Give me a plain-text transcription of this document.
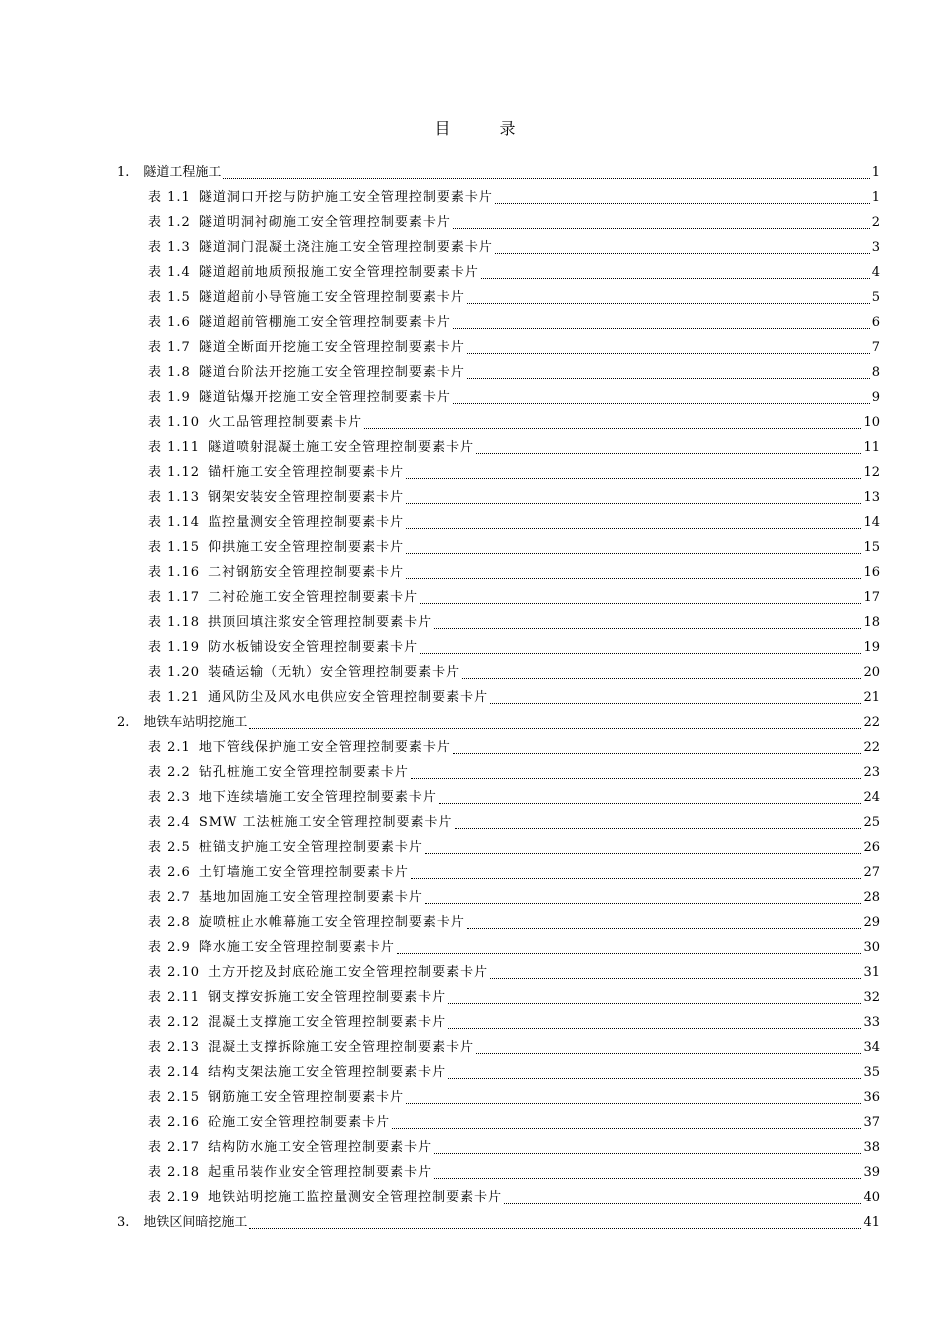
目 录
1. 隧道工程施工	1
表 1.1 隧道洞口开挖与防护施工安全管理控制要素卡片	1
表 1.2 隧道明洞衬砌施工安全管理控制要素卡片	2
表 1.3 隧道洞门混凝土浇注施工安全管理控制要素卡片	3
表 1.4 隧道超前地质预报施工安全管理控制要素卡片	4
表 1.5 隧道超前小导管施工安全管理控制要素卡片	5
表 1.6 隧道超前管棚施工安全管理控制要素卡片	6
表 1.7 隧道全断面开挖施工安全管理控制要素卡片	7
表 1.8 隧道台阶法开挖施工安全管理控制要素卡片	8
表 1.9 隧道钻爆开挖施工安全管理控制要素卡片	9
表 1.10 火工品管理控制要素卡片	10
表 1.11 隧道喷射混凝土施工安全管理控制要素卡片	11
表 1.12 锚杆施工安全管理控制要素卡片	12
表 1.13 钢架安装安全管理控制要素卡片	13
表 1.14 监控量测安全管理控制要素卡片	14
表 1.15 仰拱施工安全管理控制要素卡片	15
表 1.16 二衬钢筋安全管理控制要素卡片	16
表 1.17 二衬砼施工安全管理控制要素卡片	17
表 1.18 拱顶回填注浆安全管理控制要素卡片	18
表 1.19 防水板铺设安全管理控制要素卡片	19
表 1.20 装碴运输（无轨）安全管理控制要素卡片	20
表 1.21 通风防尘及风水电供应安全管理控制要素卡片	21
2. 地铁车站明挖施工	22
表 2.1 地下管线保护施工安全管理控制要素卡片	22
表 2.2 钻孔桩施工安全管理控制要素卡片	23
表 2.3 地下连续墙施工安全管理控制要素卡片	24
表 2.4 SMW 工法桩施工安全管理控制要素卡片	25
表 2.5 桩锚支护施工安全管理控制要素卡片	26
表 2.6 土钉墙施工安全管理控制要素卡片	27
表 2.7 基地加固施工安全管理控制要素卡片	28
表 2.8 旋喷桩止水帷幕施工安全管理控制要素卡片	29
表 2.9 降水施工安全管理控制要素卡片	30
表 2.10 土方开挖及封底砼施工安全管理控制要素卡片	31
表 2.11 钢支撑安拆施工安全管理控制要素卡片	32
表 2.12 混凝土支撑施工安全管理控制要素卡片	33
表 2.13 混凝土支撑拆除施工安全管理控制要素卡片	34
表 2.14 结构支架法施工安全管理控制要素卡片	35
表 2.15 钢筋施工安全管理控制要素卡片	36
表 2.16 砼施工安全管理控制要素卡片	37
表 2.17 结构防水施工安全管理控制要素卡片	38
表 2.18 起重吊装作业安全管理控制要素卡片	39
表 2.19 地铁站明挖施工监控量测安全管理控制要素卡片	40
3. 地铁区间暗挖施工	41
